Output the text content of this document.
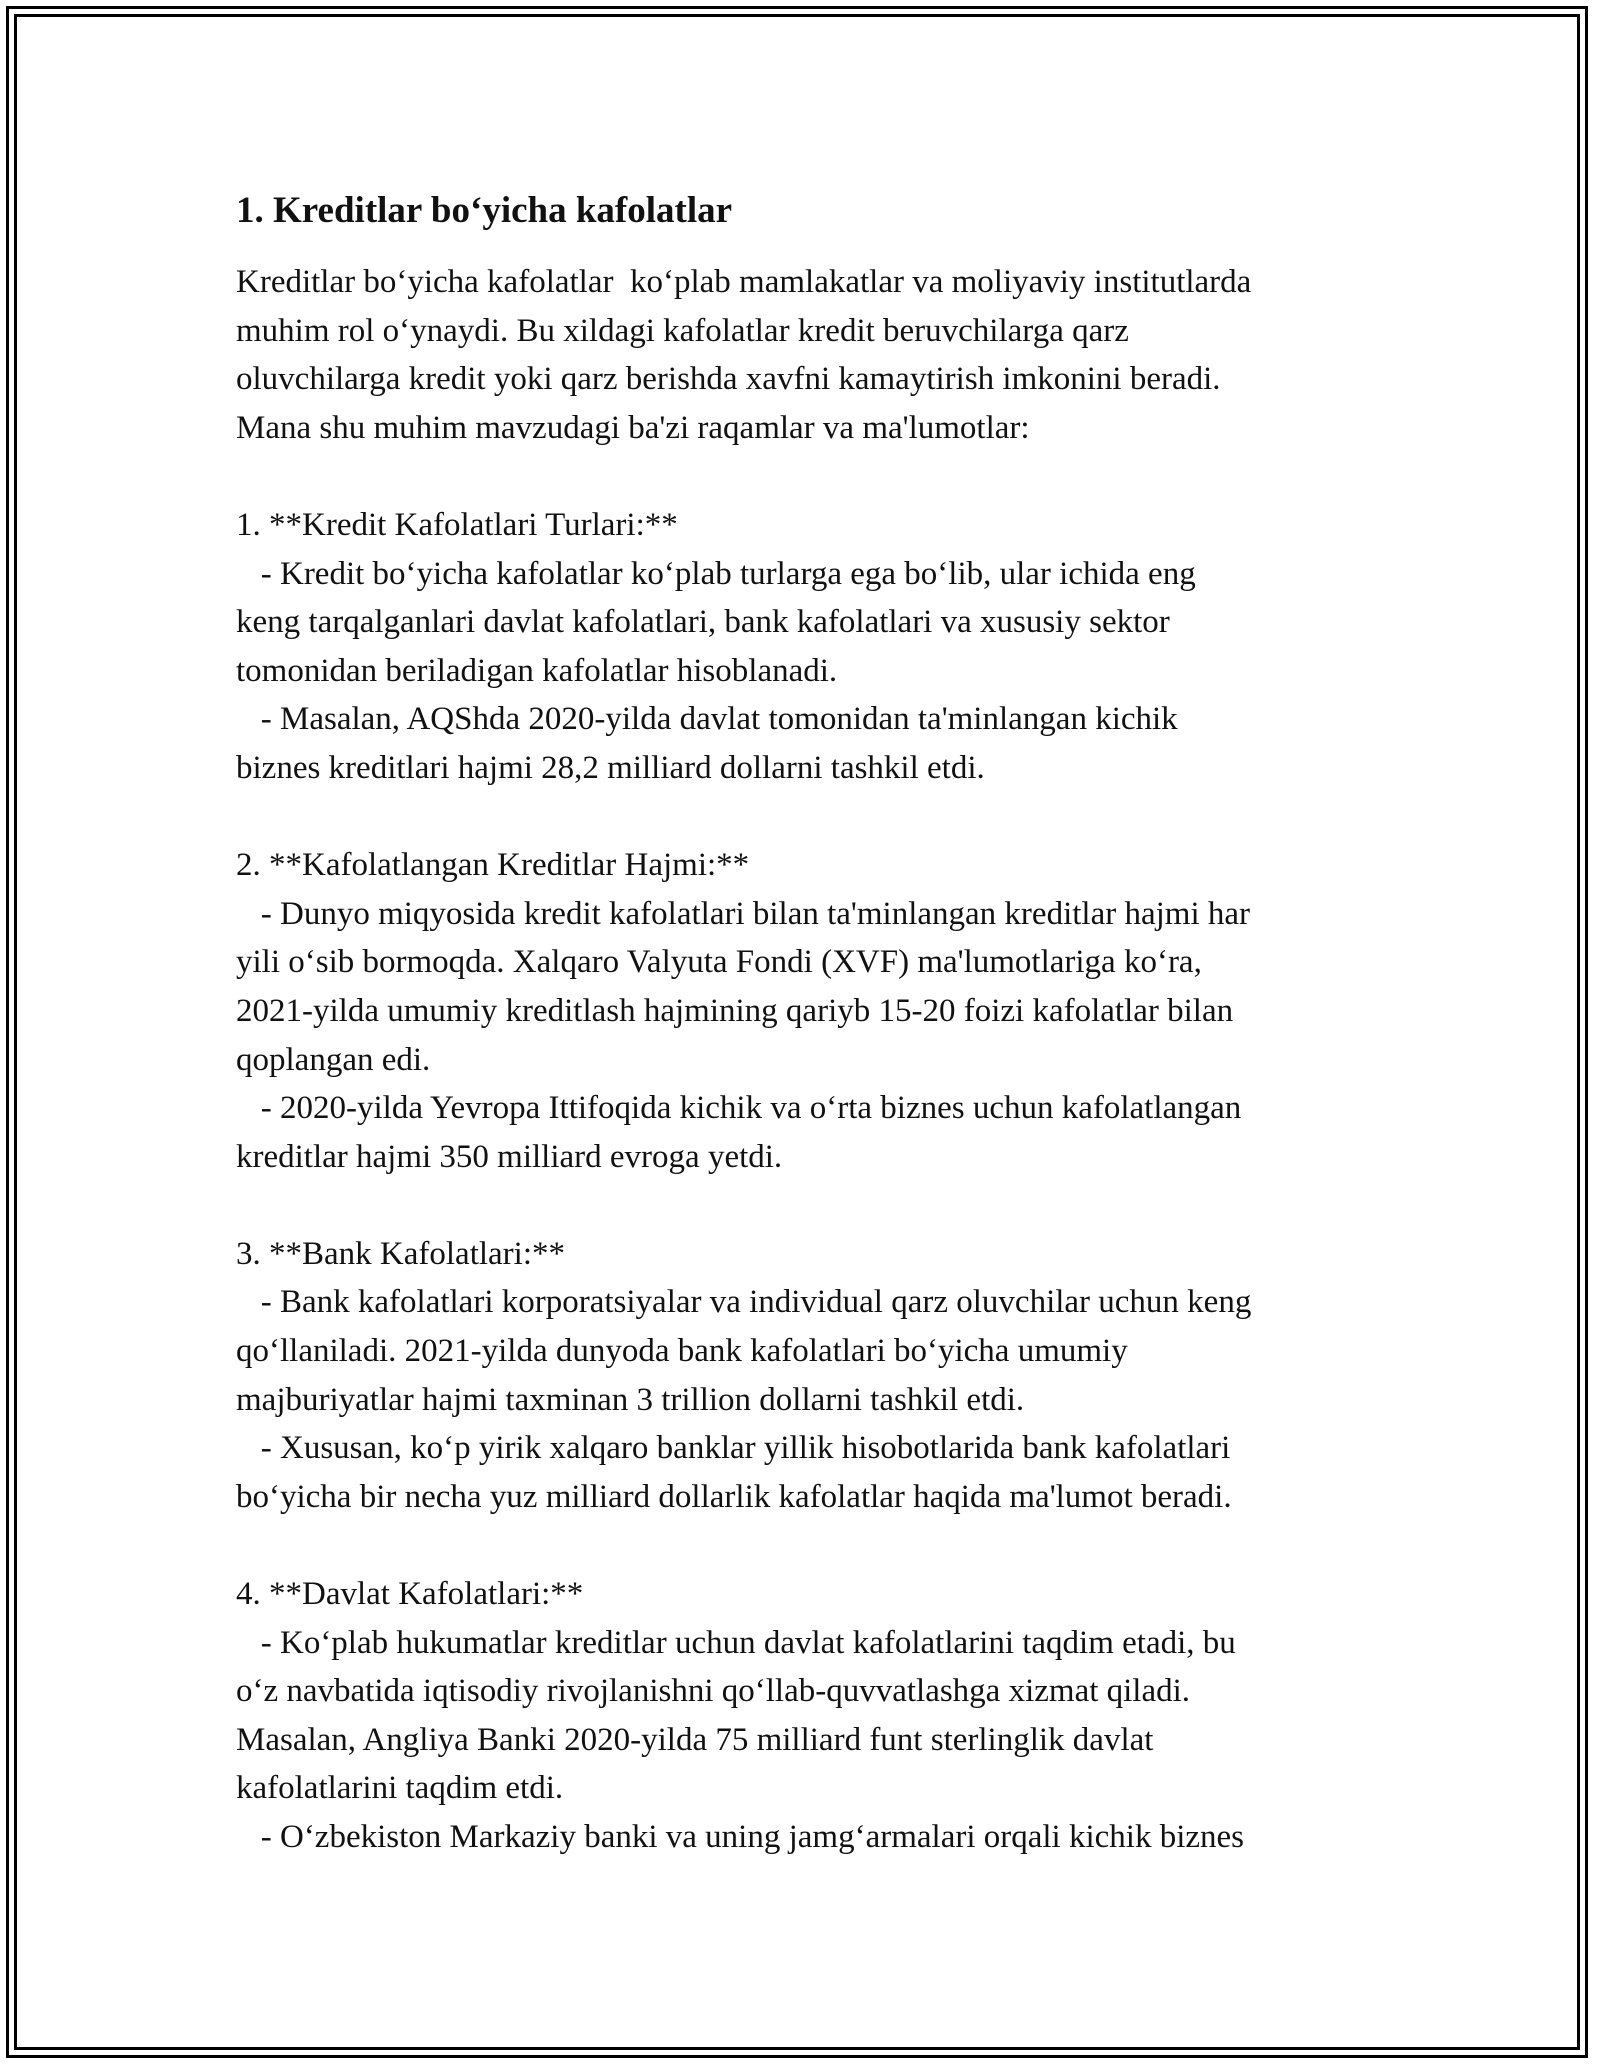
1. Kreditlar bo‘yicha kafolatlar
Kreditlar bo‘yicha kafolatlar  ko‘plab mamlakatlar va moliyaviy institutlarda
muhim rol o‘ynaydi. Bu xildagi kafolatlar kredit beruvchilarga qarz
oluvchilarga kredit yoki qarz berishda xavfni kamaytirish imkonini beradi.
Mana shu muhim mavzudagi ba'zi raqamlar va ma'lumotlar:
1. **Kredit Kafolatlari Turlari:**
- Kredit bo‘yicha kafolatlar ko‘plab turlarga ega bo‘lib, ular ichida eng
keng tarqalganlari davlat kafolatlari, bank kafolatlari va xususiy sektor
tomonidan beriladigan kafolatlar hisoblanadi.
- Masalan, AQShda 2020-yilda davlat tomonidan ta'minlangan kichik
biznes kreditlari hajmi 28,2 milliard dollarni tashkil etdi.
2. **Kafolatlangan Kreditlar Hajmi:**
- Dunyo miqyosida kredit kafolatlari bilan ta'minlangan kreditlar hajmi har
yili o‘sib bormoqda. Xalqaro Valyuta Fondi (XVF) ma'lumotlariga ko‘ra,
2021-yilda umumiy kreditlash hajmining qariyb 15-20 foizi kafolatlar bilan
qoplangan edi.
- 2020-yilda Yevropa Ittifoqida kichik va o‘rta biznes uchun kafolatlangan
kreditlar hajmi 350 milliard evroga yetdi.
3. **Bank Kafolatlari:**
- Bank kafolatlari korporatsiyalar va individual qarz oluvchilar uchun keng
qo‘llaniladi. 2021-yilda dunyoda bank kafolatlari bo‘yicha umumiy
majburiyatlar hajmi taxminan 3 trillion dollarni tashkil etdi.
- Xususan, ko‘p yirik xalqaro banklar yillik hisobotlarida bank kafolatlari
bo‘yicha bir necha yuz milliard dollarlik kafolatlar haqida ma'lumot beradi.
4. **Davlat Kafolatlari:**
- Ko‘plab hukumatlar kreditlar uchun davlat kafolatlarini taqdim etadi, bu
o‘z navbatida iqtisodiy rivojlanishni qo‘llab-quvvatlashga xizmat qiladi.
Masalan, Angliya Banki 2020-yilda 75 milliard funt sterlinglik davlat
kafolatlarini taqdim etdi.
- O‘zbekiston Markaziy banki va uning jamg‘armalari orqali kichik biznes
